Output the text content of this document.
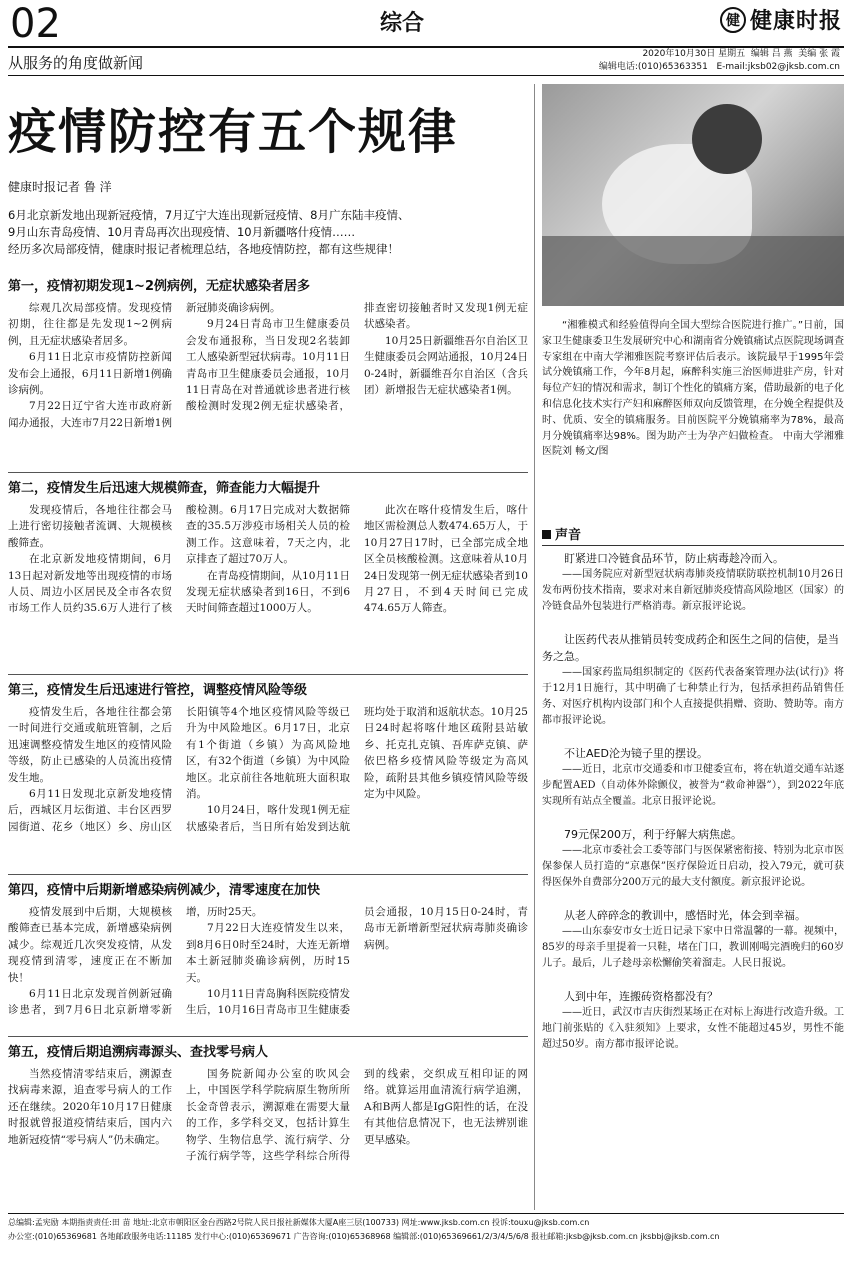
02	综合	健 健康时报
从服务的角度做新闻	2020年10月30日 星期五  编辑 吕 燕  美编 张 霞
编辑电话:(010)65363351   E-mail:jksb02@jksb.com.cn
疫情防控有五个规律
健康时报记者 鲁 洋

6月北京新发地出现新冠疫情，7月辽宁大连出现新冠疫情、8月广东陆丰疫情、

9月山东青岛疫情、10月青岛再次出现疫情、10月新疆喀什疫情……

经历多次局部疫情，健康时报记者梳理总结，各地疫情防控，都有这些规律！

第一，疫情初期发现1~2例病例，无症状感染者居多

综观几次局部疫情。发现疫情初期，往往都是先发现1~2例病例，且无症状感染者居多。

6月11日北京市疫情防控新闻发布会上通报，6月11日新增1例确诊病例。

7月22日辽宁省大连市政府新闻办通报，大连市7月22日新增1例新冠肺炎确诊病例。

9月24日青岛市卫生健康委员会发布通报称，当日发现2名装卸工人感染新型冠状病毒。10月11日青岛市卫生健康委员会通报，10月11日青岛在对普通就诊患者进行核酸检测时发现2例无症状感染者，排查密切接触者时又发现1例无症状感染者。

10月25日新疆维吾尔自治区卫生健康委员会网站通报，10月24日0-24时，新疆维吾尔自治区（含兵团）新增报告无症状感染者1例。

第二，疫情发生后迅速大规模筛查，筛查能力大幅提升

发现疫情后，各地往往都会马上进行密切接触者流调、大规模核酸筛查。

在北京新发地疫情期间，6月13日起对新发地等出现疫情的市场人员、周边小区居民及全市各农贸市场工作人员约35.6万人进行了核酸检测。6月17日完成对大数据筛查的35.5万涉疫市场相关人员的检测工作。这意味着，7天之内，北京排查了超过70万人。

在青岛疫情期间，从10月11日发现无症状感染者到16日，不到6天时间筛查超过1000万人。

此次在喀什疫情发生后，喀什地区需检测总人数474.65万人，于10月27日17时，已全部完成全地区全员核酸检测。这意味着从10月24日发现第一例无症状感染者到10月27日，不到4天时间已完成474.65万人筛查。

第三，疫情发生后迅速进行管控，调整疫情风险等级

疫情发生后，各地往往都会第一时间进行交通或航班管制，之后迅速调整疫情发生地区的疫情风险等级，防止已感染的人员流出疫情发生地。

6月11日发现北京新发地疫情后，西城区月坛街道、丰台区西罗园街道、花乡（地区）乡、房山区长阳镇等4个地区疫情风险等级已升为中风险地区。6月17日，北京有1个街道（乡镇）为高风险地区，有32个街道（乡镇）为中风险地区。北京前往各地航班大面积取消。

10月24日，喀什发现1例无症状感染者后，当日所有始发到达航班均处于取消和返航状态。10月25日24时起将喀什地区疏附县站敏乡、托克扎克镇、吾库萨克镇、萨依巴格乡疫情风险等级定为高风险，疏附县其他乡镇疫情风险等级定为中风险。

第四，疫情中后期新增感染病例减少，清零速度在加快

疫情发展到中后期，大规模核酸筛查已基本完成，新增感染病例减少。综观近几次突发疫情，从发现疫情到清零，速度正在不断加快！

6月11日北京发现首例新冠确诊患者，到7月6日北京新增零新增，历时25天。

7月22日大连疫情发生以来，到8月6日0时至24时，大连无新增本土新冠肺炎确诊病例，历时15天。

10月11日青岛胸科医院疫情发生后，10月16日青岛市卫生健康委员会通报，10月15日0-24时，青岛市无新增新型冠状病毒肺炎确诊病例。

第五，疫情后期追溯病毒源头、查找零号病人

当然疫情清零结束后，溯源查找病毒来源，追查零号病人的工作还在继续。2020年10月17日健康时报就曾报道疫情结束后，国内六地新冠疫情“零号病人”仍未确定。

国务院新闻办公室的吹风会上，中国医学科学院病原生物所所长金奇曾表示，溯源难在需要大量的工作，多学科交叉，包括计算生物学、生物信息学、流行病学、分子流行病学等，这些学科综合所得到的线索，交织成互相印证的网络。就算运用血清流行病学追溯，A和B两人都是IgG阳性的话，在没有其他信息情况下，也无法辨别谁更早感染。

“湘雅模式和经验值得向全国大型综合医院进行推广。”日前，国家卫生健康委卫生发展研究中心和湖南省分娩镇痛试点医院现场调查专家组在中南大学湘雅医院考察评估后表示。该院最早于1995年尝试分娩镇痛工作，今年8月起，麻醉科实施三治医师进驻产房，针对每位产妇的情况和需求，制订个性化的镇痛方案，借助最新的电子化和信息化技术实行产妇和麻醉医师双向反馈管理，在分娩全程提供及时、优质、安全的镇痛服务。目前医院平分娩镇痛率为78%，最高月分娩镇痛率达98%。图为助产士为孕产妇做检查。 中南大学湘雅医院刘 畅文/图

声音

盯紧进口冷链食品环节，防止病毒趁冷而入。

——国务院应对新型冠状病毒肺炎疫情联防联控机制10月26日发布两份技术指南，要求对来自新冠肺炎疫情高风险地区（国家）的冷链食品外包装进行严格消毒。新京报评论说。

让医药代表从推销员转变成药企和医生之间的信使，是当务之急。

——国家药监局组织制定的《医药代表备案管理办法(试行)》将于12月1日施行，其中明确了七种禁止行为，包括承担药品销售任务、对医疗机构内设部门和个人直接提供捐赠、资助、赞助等。南方都市报评论说。

不让AED沦为镜子里的摆设。

——近日，北京市交通委和市卫健委宣布，将在轨道交通车站逐步配置AED（自动体外除颤仪，被誉为“救命神器”），到2022年底实现所有站点全覆盖。北京日报评论说。

79元保200万，利于纾解大病焦虑。

——北京市委社会工委等部门与医保紧密衔接、特别为北京市医保参保人员打造的“京惠保”医疗保险近日启动，投入79元，就可获得医保外自费部分200万元的最大支付额度。新京报评论说。

从老人碎碎念的教训中，感悟时光，体会到幸福。

——山东泰安市女士近日记录下家中日常温馨的一幕。视频中，85岁的母亲手里提着一只鞋，堵在门口，教训刚喝完酒晚归的60岁儿子。最后，儿子趁母亲松懈偷笑着溜走。人民日报说。

人到中年，连搬砖资格都没有？

——近日，武汉市吉庆街烈某场正在对标上海进行改造升级。工地门前张贴的《入驻须知》上要求，女性不能超过45岁，男性不能超过50岁。南方都市报评论说。

总编辑:孟宪励 本期指责责任:田 苗 地址:北京市朝阳区金台西路2号院人民日报社新媒体大厦A座三层(100733) 网址:www.jksb.com.cn 投诉:touxu@jksb.com.cn

办公室:(010)65369681 各地邮政服务电话:11185 发行中心:(010)65369671 广告咨询:(010)65368968 编辑部:(010)65369661/2/3/4/5/6/8 报社邮箱:jksb@jksb.com.cn jksbbj@jksb.com.cn
